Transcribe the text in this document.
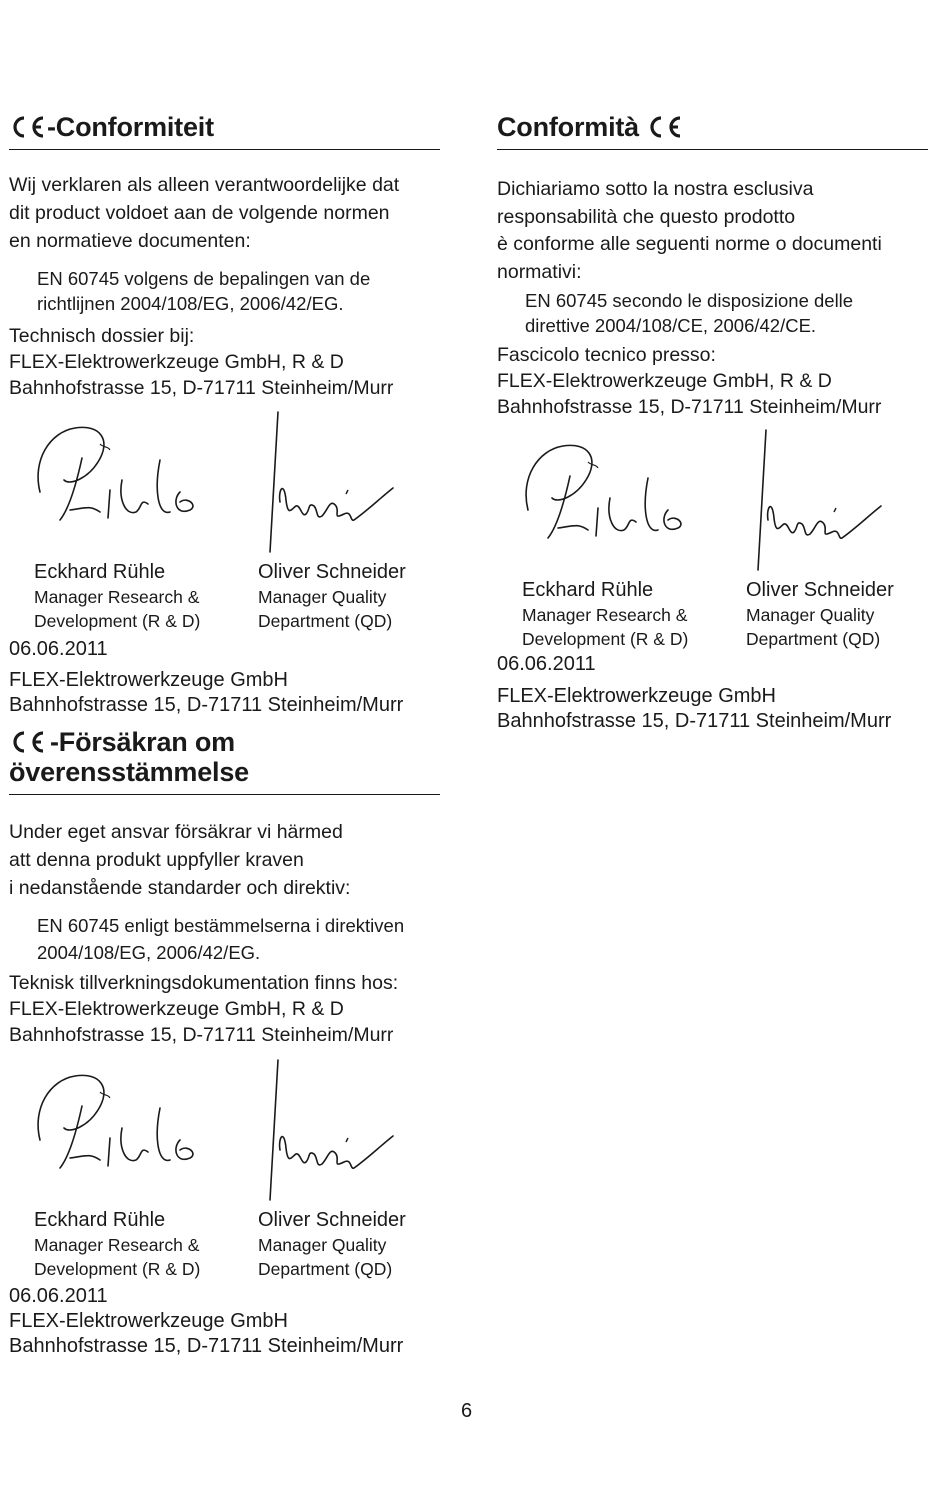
-Conformiteit
Wij verklaren als alleen verantwoordelijke dat
dit product voldoet aan de volgende normen
en normatieve documenten:
EN 60745 volgens de bepalingen van de
richtlijnen 2004/108/EG, 2006/42/EG.
Technisch dossier bij:
FLEX-Elektrowerkzeuge GmbH, R & D
Bahnhofstrasse 15, D-71711 Steinheim/Murr
Eckhard Rühle
Manager Research &
Development (R & D)
Oliver Schneider
Manager Quality
Department (QD)
06.06.2011
FLEX-Elektrowerkzeuge GmbH
Bahnhofstrasse 15, D-71711 Steinheim/Murr
Conformità
Dichiariamo sotto la nostra esclusiva
responsabilità che questo prodotto
è conforme alle seguenti norme o documenti
normativi:
EN 60745 secondo le disposizione delle
direttive 2004/108/CE, 2006/42/CE.
Fascicolo tecnico presso:
FLEX-Elektrowerkzeuge GmbH, R & D
Bahnhofstrasse 15, D-71711 Steinheim/Murr
Eckhard Rühle
Manager Research &
Development (R & D)
Oliver Schneider
Manager Quality
Department (QD)
06.06.2011
FLEX-Elektrowerkzeuge GmbH
Bahnhofstrasse 15, D-71711 Steinheim/Murr
-Försäkran om
överensstämmelse
Under eget ansvar försäkrar vi härmed
att denna produkt uppfyller kraven
i nedanstående standarder och direktiv:
EN 60745 enligt bestämmelserna i direktiven
2004/108/EG, 2006/42/EG.
Teknisk tillverkningsdokumentation finns hos:
FLEX-Elektrowerkzeuge GmbH, R & D
Bahnhofstrasse 15, D-71711 Steinheim/Murr
Eckhard Rühle
Manager Research &
Development (R & D)
Oliver Schneider
Manager Quality
Department (QD)
06.06.2011
FLEX-Elektrowerkzeuge GmbH
Bahnhofstrasse 15, D-71711 Steinheim/Murr
6
